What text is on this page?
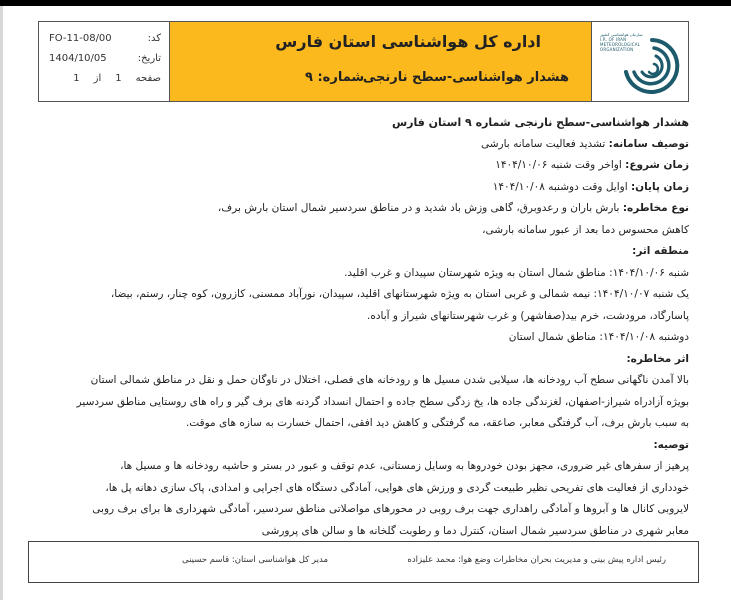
کد:
FO-11-08/00
تاریخ:
1404/10/05
صفحه
1
از
1
اداره کل هواشناسی استان فارس
هشدار هواشناسی-سطح نارنجی
شماره: ۹
سازمان هواشناسی کشور
I.R. OF IRAN
METEOROLOGICAL
ORGANIZATION

هشدار هواشناسی-سطح نارنجی شماره ۹ استان فارس

توصیف سامانه: تشدید فعالیت سامانه بارشی

زمان شروع: اواخر وقت شنبه ۱۴۰۴/۱۰/۰۶

زمان پایان: اوایل وقت دوشنبه ۱۴۰۴/۱۰/۰۸

نوع مخاطره: بارش باران و رعدوبرق، گاهی وزش باد شدید و در مناطق سردسیر شمال استان بارش برف،

کاهش محسوس دما بعد از عبور سامانه بارشی،

منطقه اثر:

شنبه ۱۴۰۴/۱۰/۰۶: مناطق شمال استان به ویژه شهرستان سپیدان و غرب اقلید.

یک شنبه ۱۴۰۴/۱۰/۰۷: نیمه شمالی و غربی استان به ویژه شهرستانهای اقلید، سپیدان، نورآباد ممسنی، کازرون، کوه چنار، رستم، بیضا،

پاسارگاد، مرودشت، خرم بید(صفاشهر) و غرب شهرستانهای شیراز و آباده.

دوشنبه ۱۴۰۴/۱۰/۰۸: مناطق شمال استان

اثر مخاطره:

بالا آمدن ناگهانی سطح آب رودخانه ها، سیلابی شدن مسیل ها و رودخانه های فصلی، اختلال در ناوگان حمل و نقل در مناطق شمالی استان

بویژه آزادراه شیراز-اصفهان، لغزندگی جاده ها، یخ زدگی سطح جاده و احتمال انسداد گردنه های برف گیر و راه های روستایی مناطق سردسیر

به سبب بارش برف، آب گرفتگی معابر، صاعقه، مه گرفتگی و کاهش دید افقی، احتمال خسارت به سازه های موقت.

توصیه:

پرهیز از سفرهای غیر ضروری، مجهز بودن خودروها به وسایل زمستانی، عدم توقف و عبور در بستر و حاشیه رودخانه ها و مسیل ها،

خودداری از فعالیت های تفریحی نظیر طبیعت گردی و ورزش های هوایی، آمادگی دستگاه های اجرایی و امدادی، پاک سازی دهانه پل ها،

لایروبی کانال ها و آبروها و آمادگی راهداری جهت برف روبی در محورهای مواصلاتی مناطق سردسیر، آمادگی شهرداری ها برای برف روبی

معابر شهری در مناطق سردسیر شمال استان، کنترل دما و رطوبت گلخانه ها و سالن های پرورشی

رئیس اداره پیش بینی و مدیریت بحران مخاطرات وضع هوا: محمد علیزاده
مدیر کل هواشناسی استان: قاسم حسینی
